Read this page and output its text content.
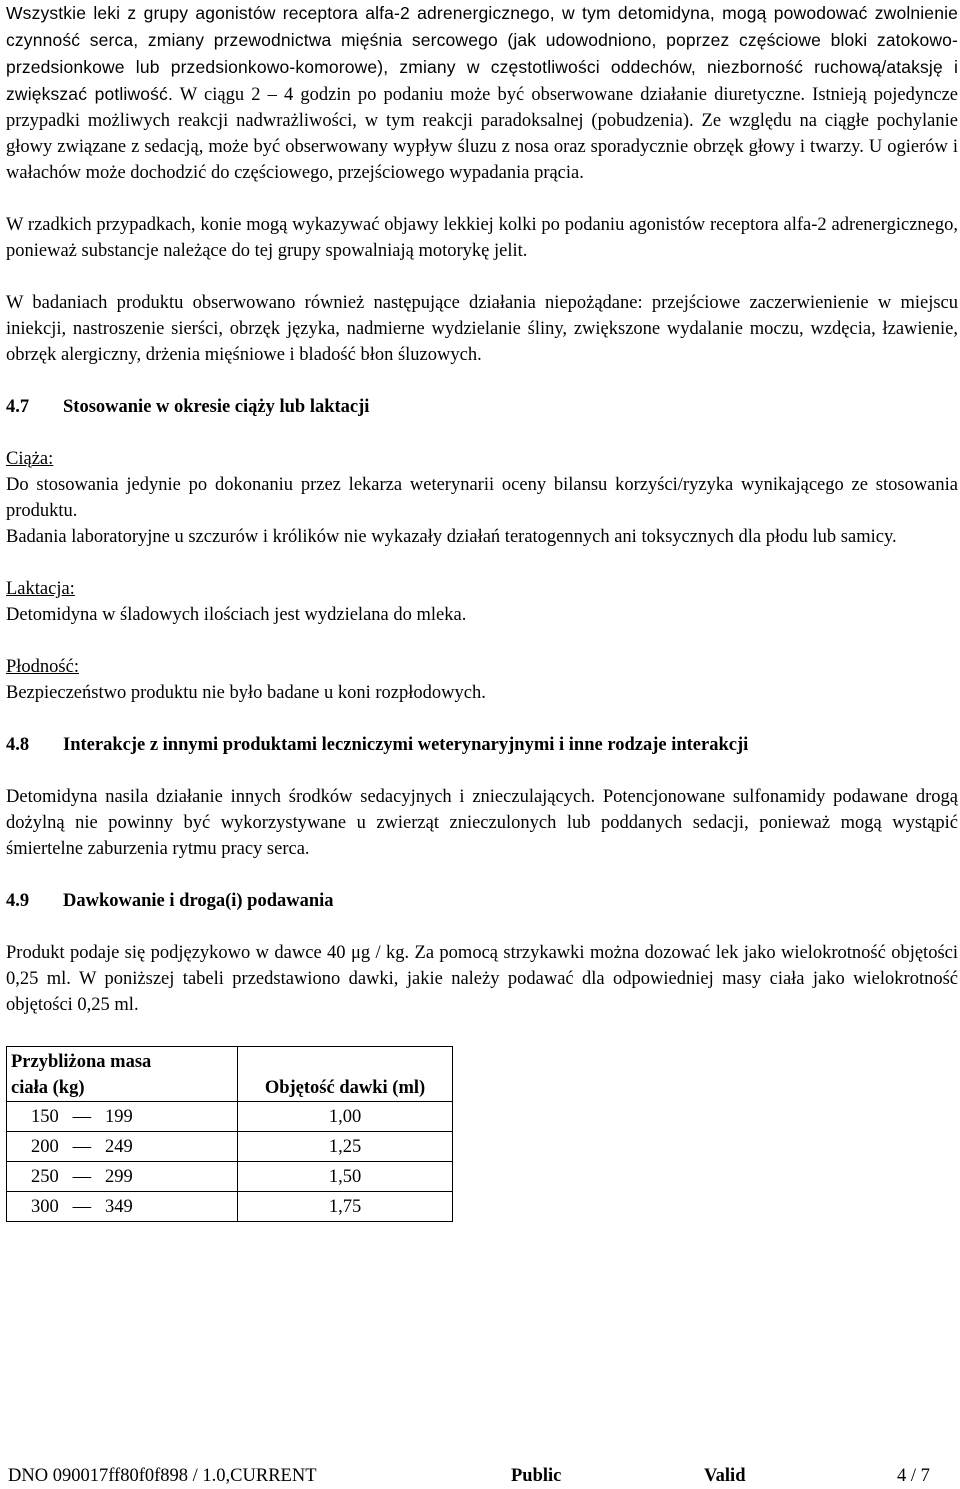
Wszystkie leki z grupy agonistów receptora alfa-2 adrenergicznego, w tym detomidyna, mogą powodować zwolnienie czynność serca, zmiany przewodnictwa mięśnia sercowego (jak udowodniono, poprzez częściowe bloki zatokowo-przedsionkowe lub przedsionkowo-komorowe), zmiany w częstotliwości oddechów, niezborność ruchową/ataksję i zwiększać potliwość. W ciągu 2 – 4 godzin po podaniu może być obserwowane działanie diuretyczne. Istnieją pojedyncze przypadki możliwych reakcji nadwrażliwości, w tym reakcji paradoksalnej (pobudzenia). Ze względu na ciągłe pochylanie głowy związane z sedacją, może być obserwowany wypływ śluzu z nosa oraz sporadycznie obrzęk głowy i twarzy. U ogierów i wałachów może dochodzić do częściowego, przejściowego wypadania prącia.

W rzadkich przypadkach, konie mogą wykazywać objawy lekkiej kolki po podaniu agonistów receptora alfa-2 adrenergicznego, ponieważ substancje należące do tej grupy spowalniają motorykę jelit.

W badaniach produktu obserwowano również następujące działania niepożądane: przejściowe zaczerwienienie w miejscu iniekcji, nastroszenie sierści, obrzęk języka, nadmierne wydzielanie śliny, zwiększone wydalanie moczu, wzdęcia, łzawienie, obrzęk alergiczny, drżenia mięśniowe i bladość błon śluzowych.

4.7 Stosowanie w okresie ciąży lub laktacji

Ciąża:

Do stosowania jedynie po dokonaniu przez lekarza weterynarii oceny bilansu korzyści/ryzyka wynikającego ze stosowania produktu.

Badania laboratoryjne u szczurów i królików nie wykazały działań teratogennych ani toksycznych dla płodu lub samicy.

Laktacja:

Detomidyna w śladowych ilościach jest wydzielana do mleka.

Płodność:

Bezpieczeństwo produktu nie było badane u koni rozpłodowych.

4.8 Interakcje z innymi produktami leczniczymi weterynaryjnymi i inne rodzaje interakcji

Detomidyna nasila działanie innych środków sedacyjnych i znieczulających. Potencjonowane sulfonamidy podawane drogą dożylną nie powinny być wykorzystywane u zwierząt znieczulonych lub poddanych sedacji, ponieważ mogą wystąpić śmiertelne zaburzenia rytmu pracy serca.

4.9 Dawkowanie i droga(i) podawania

Produkt podaje się podjęzykowo w dawce 40 μg / kg. Za pomocą strzykawki można dozować lek jako wielokrotność objętości 0,25 ml. W poniższej tabeli przedstawiono dawki, jakie należy podawać dla odpowiedniej masy ciała jako wielokrotność objętości 0,25 ml.

Przybliżona masa
ciała (kg)	Objętość dawki (ml)
150 — 199	1,00
200 — 249	1,25
250 — 299	1,50
300 — 349	1,75
DNO 090017ff80f0f898 / 1.0,CURRENT	Public	Valid	4 / 7
